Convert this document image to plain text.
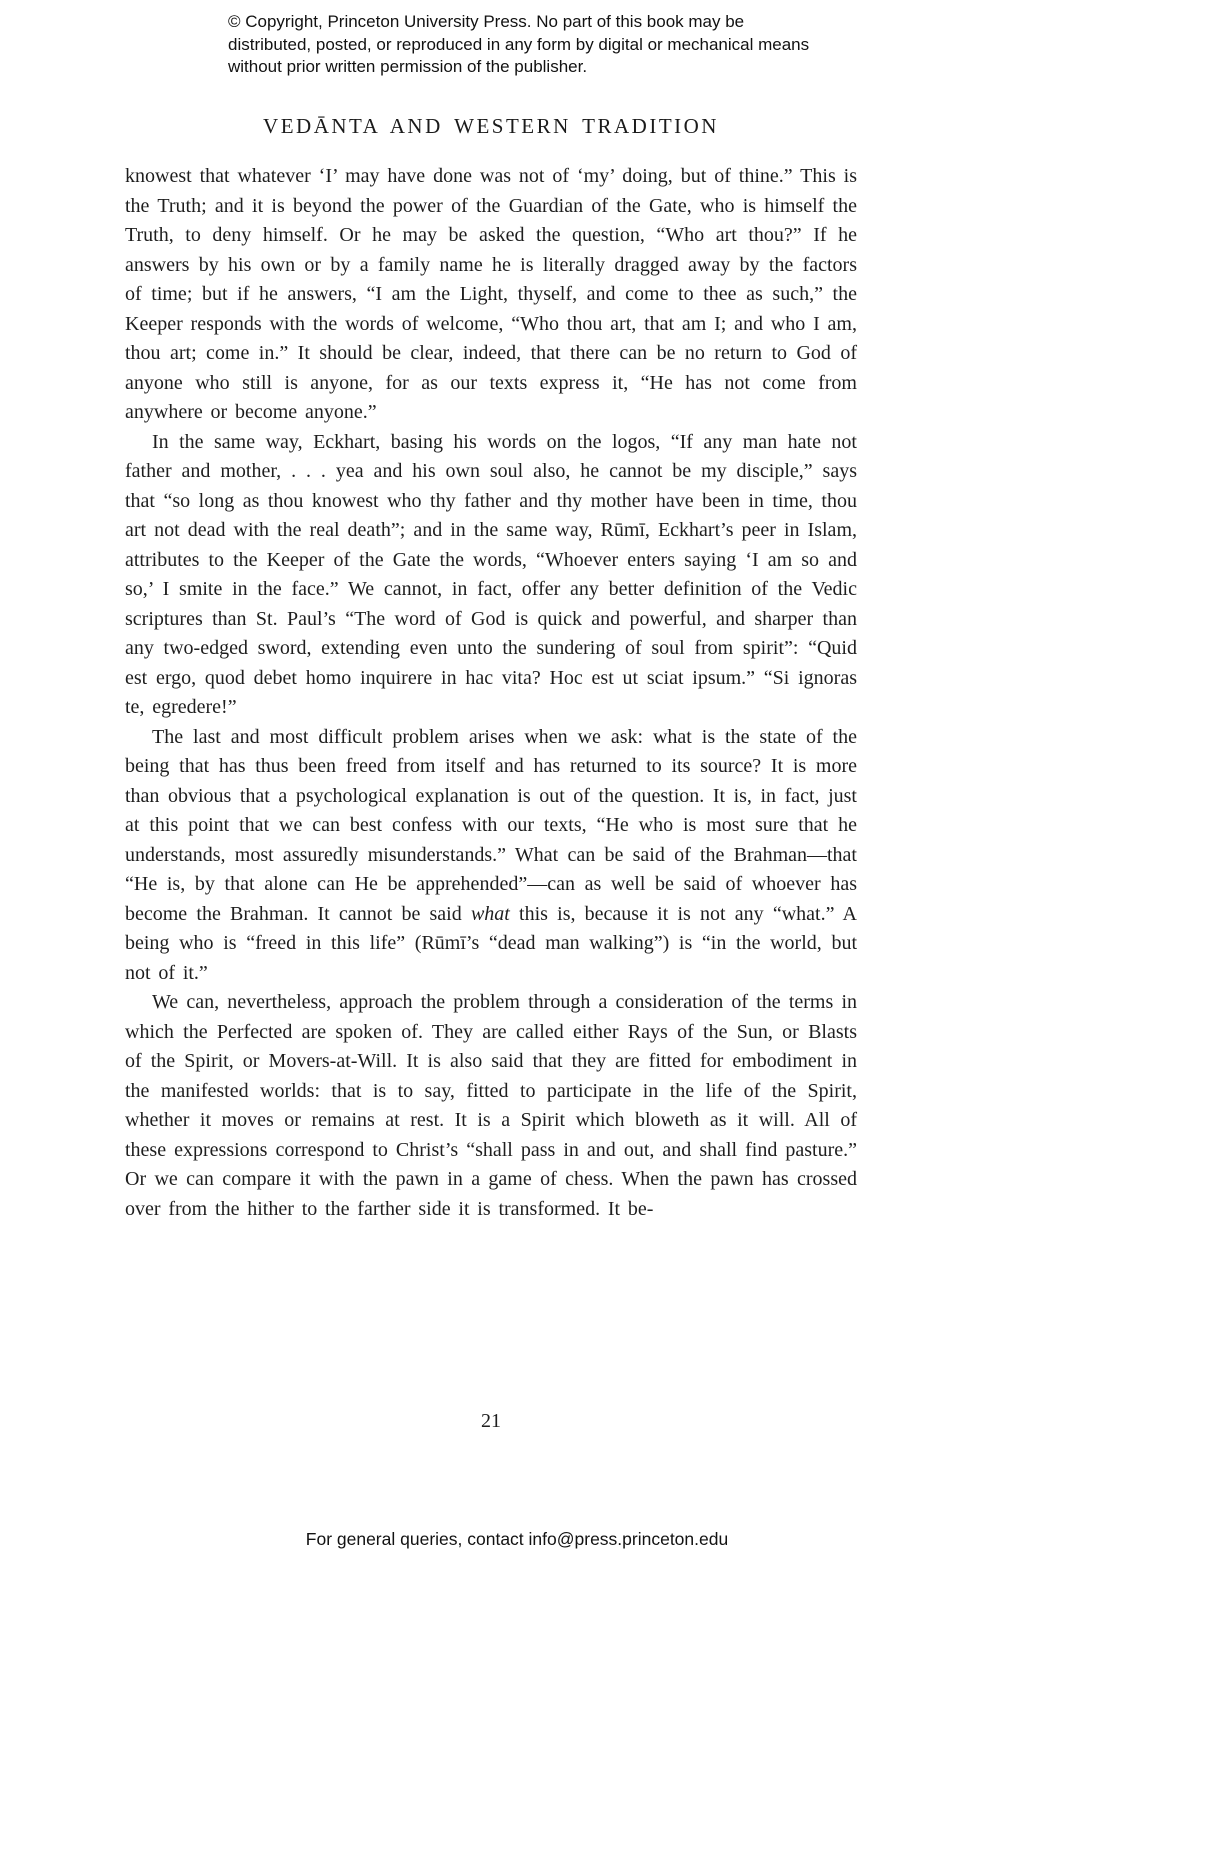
© Copyright, Princeton University Press. No part of this book may be distributed, posted, or reproduced in any form by digital or mechanical means without prior written permission of the publisher.
VEDĀNTA AND WESTERN TRADITION

knowest that whatever ‘I’ may have done was not of ‘my’ doing, but of thine.” This is the Truth; and it is beyond the power of the Guardian of the Gate, who is himself the Truth, to deny himself. Or he may be asked the question, “Who art thou?” If he answers by his own or by a family name he is literally dragged away by the factors of time; but if he answers, “I am the Light, thyself, and come to thee as such,” the Keeper responds with the words of welcome, “Who thou art, that am I; and who I am, thou art; come in.” It should be clear, indeed, that there can be no return to God of anyone who still is anyone, for as our texts express it, “He has not come from anywhere or become anyone.”

In the same way, Eckhart, basing his words on the logos, “If any man hate not father and mother, . . . yea and his own soul also, he cannot be my disciple,” says that “so long as thou knowest who thy father and thy mother have been in time, thou art not dead with the real death”; and in the same way, Rūmī, Eckhart’s peer in Islam, attributes to the Keeper of the Gate the words, “Whoever enters saying ‘I am so and so,’ I smite in the face.” We cannot, in fact, offer any better definition of the Vedic scriptures than St. Paul’s “The word of God is quick and powerful, and sharper than any two-edged sword, extending even unto the sundering of soul from spirit”: “Quid est ergo, quod debet homo inquirere in hac vita? Hoc est ut sciat ipsum.” “Si ignoras te, egredere!”

The last and most difficult problem arises when we ask: what is the state of the being that has thus been freed from itself and has returned to its source? It is more than obvious that a psychological explanation is out of the question. It is, in fact, just at this point that we can best confess with our texts, “He who is most sure that he understands, most assuredly misunderstands.” What can be said of the Brahman—that “He is, by that alone can He be apprehended”—can as well be said of whoever has become the Brahman. It cannot be said what this is, because it is not any “what.” A being who is “freed in this life” (Rūmī’s “dead man walking”) is “in the world, but not of it.”

We can, nevertheless, approach the problem through a consideration of the terms in which the Perfected are spoken of. They are called either Rays of the Sun, or Blasts of the Spirit, or Movers-at-Will. It is also said that they are fitted for embodiment in the manifested worlds: that is to say, fitted to participate in the life of the Spirit, whether it moves or remains at rest. It is a Spirit which bloweth as it will. All of these expressions correspond to Christ’s “shall pass in and out, and shall find pasture.” Or we can compare it with the pawn in a game of chess. When the pawn has crossed over from the hither to the farther side it is transformed. It be-

21
For general queries, contact info@press.princeton.edu
